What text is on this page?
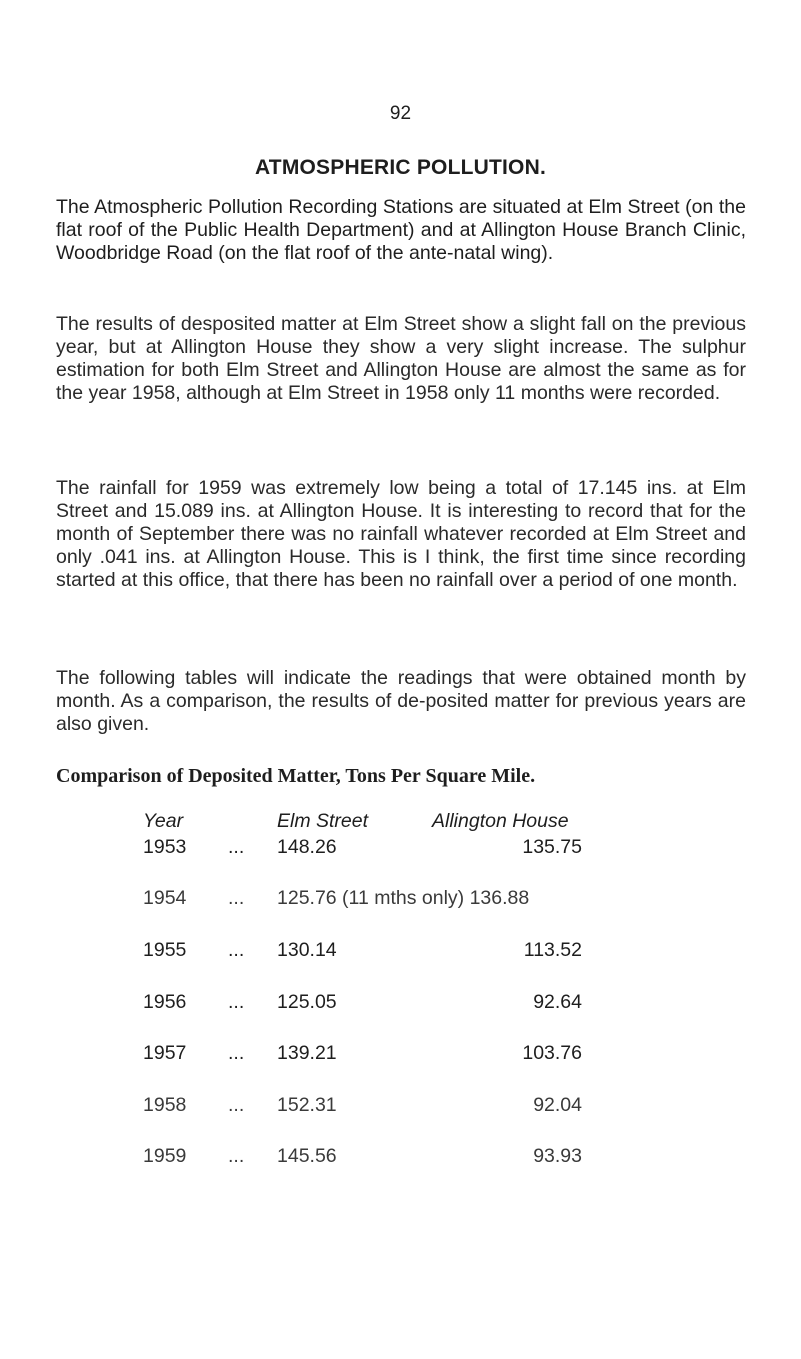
92
ATMOSPHERIC POLLUTION.

The Atmospheric Pollution Recording Stations are situated at Elm Street (on the flat roof of the Public Health Department) and at Allington House Branch Clinic, Woodbridge Road (on the flat roof of the ante-natal wing).

The results of desposited matter at Elm Street show a slight fall on the previous year, but at Allington House they show a very slight increase. The sulphur estimation for both Elm Street and Allington House are almost the same as for the year 1958, although at Elm Street in 1958 only 11 months were recorded.

The rainfall for 1959 was extremely low being a total of 17.145 ins. at Elm Street and 15.089 ins. at Allington House. It is interesting to record that for the month of September there was no rainfall whatever recorded at Elm Street and only .041 ins. at Allington House. This is I think, the first time since recording started at this office, that there has been no rainfall over a period of one month.

The following tables will indicate the readings that were obtained month by month. As a comparison, the results of de-posited matter for previous years are also given.

Comparison of Deposited Matter, Tons Per Square Mile.
Year	Elm Street	Allington House
1953 ... 148.26	135.75
1954 ... 125.76 (11 mths only) 136.88
1955 ... 130.14	113.52
1956 ... 125.05	92.64
1957 ... 139.21	103.76
1958 ... 152.31	92.04
1959 ... 145.56	93.93
